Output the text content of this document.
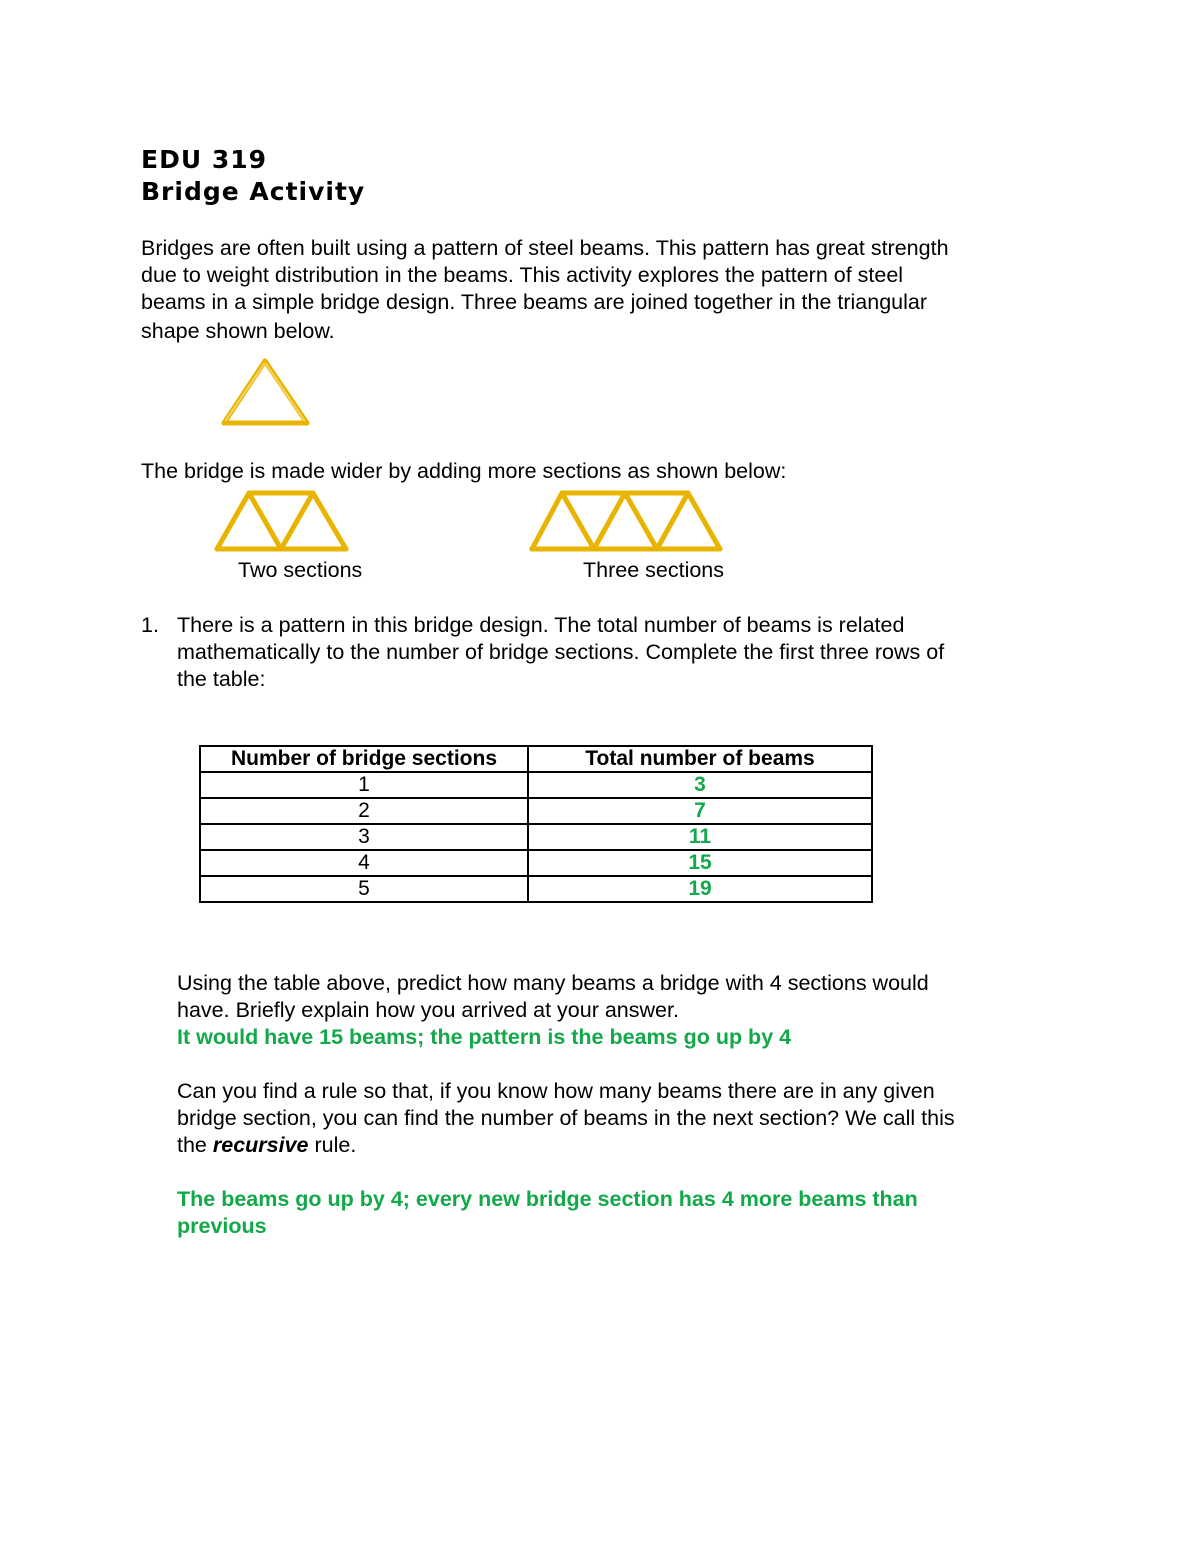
EDU 319
Bridge Activity
Bridges are often built using a pattern of steel beams. This pattern has great strength
due to weight distribution in the beams. This activity explores the pattern of steel
beams in a simple bridge design. Three beams are joined together in the triangular
shape shown below.
The bridge is made wider by adding more sections as shown below:
Two sections	Three sections
1. There is a pattern in this bridge design. The total number of beams is related
mathematically to the number of bridge sections. Complete the first three rows of
the table:
Number of bridge sections	Total number of beams
1	3
2	7
3	11
4	15
5	19
Using the table above, predict how many beams a bridge with 4 sections would
have. Briefly explain how you arrived at your answer.
It would have 15 beams; the pattern is the beams go up by 4
Can you find a rule so that, if you know how many beams there are in any given
bridge section, you can find the number of beams in the next section? We call this
the recursive rule.
The beams go up by 4; every new bridge section has 4 more beams than
previous
